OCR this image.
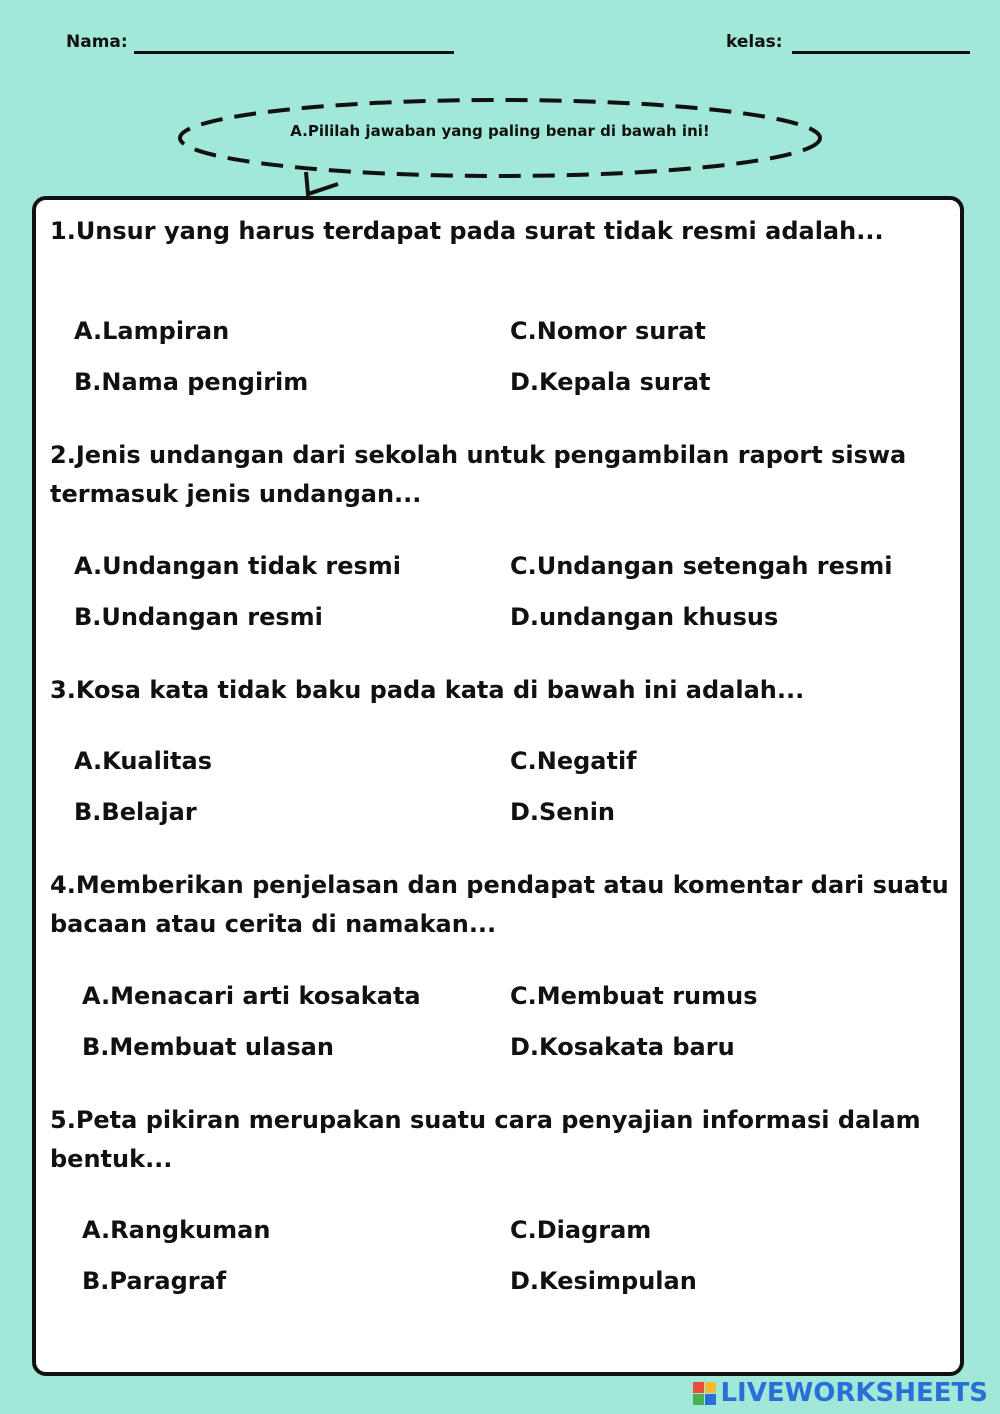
Nama:	kelas:
A.Pililah jawaban yang paling benar di bawah ini!
1.Unsur yang harus terdapat pada surat tidak resmi adalah...
A.Lampiran
B.Nama pengirim
C.Nomor surat
D.Kepala surat
2.Jenis undangan dari sekolah untuk pengambilan raport siswa termasuk jenis undangan...
A.Undangan tidak resmi
B.Undangan resmi
C.Undangan setengah resmi
D.undangan khusus
3.Kosa kata tidak baku pada kata di bawah ini adalah...
A.Kualitas
B.Belajar
C.Negatif
D.Senin
4.Memberikan penjelasan dan pendapat atau komentar dari suatu bacaan atau cerita di namakan...
A.Menacari arti kosakata
B.Membuat ulasan
C.Membuat rumus
D.Kosakata baru
5.Peta pikiran merupakan suatu cara penyajian informasi dalam bentuk...
A.Rangkuman
B.Paragraf
C.Diagram
D.Kesimpulan
LIVEWORKSHEETS
